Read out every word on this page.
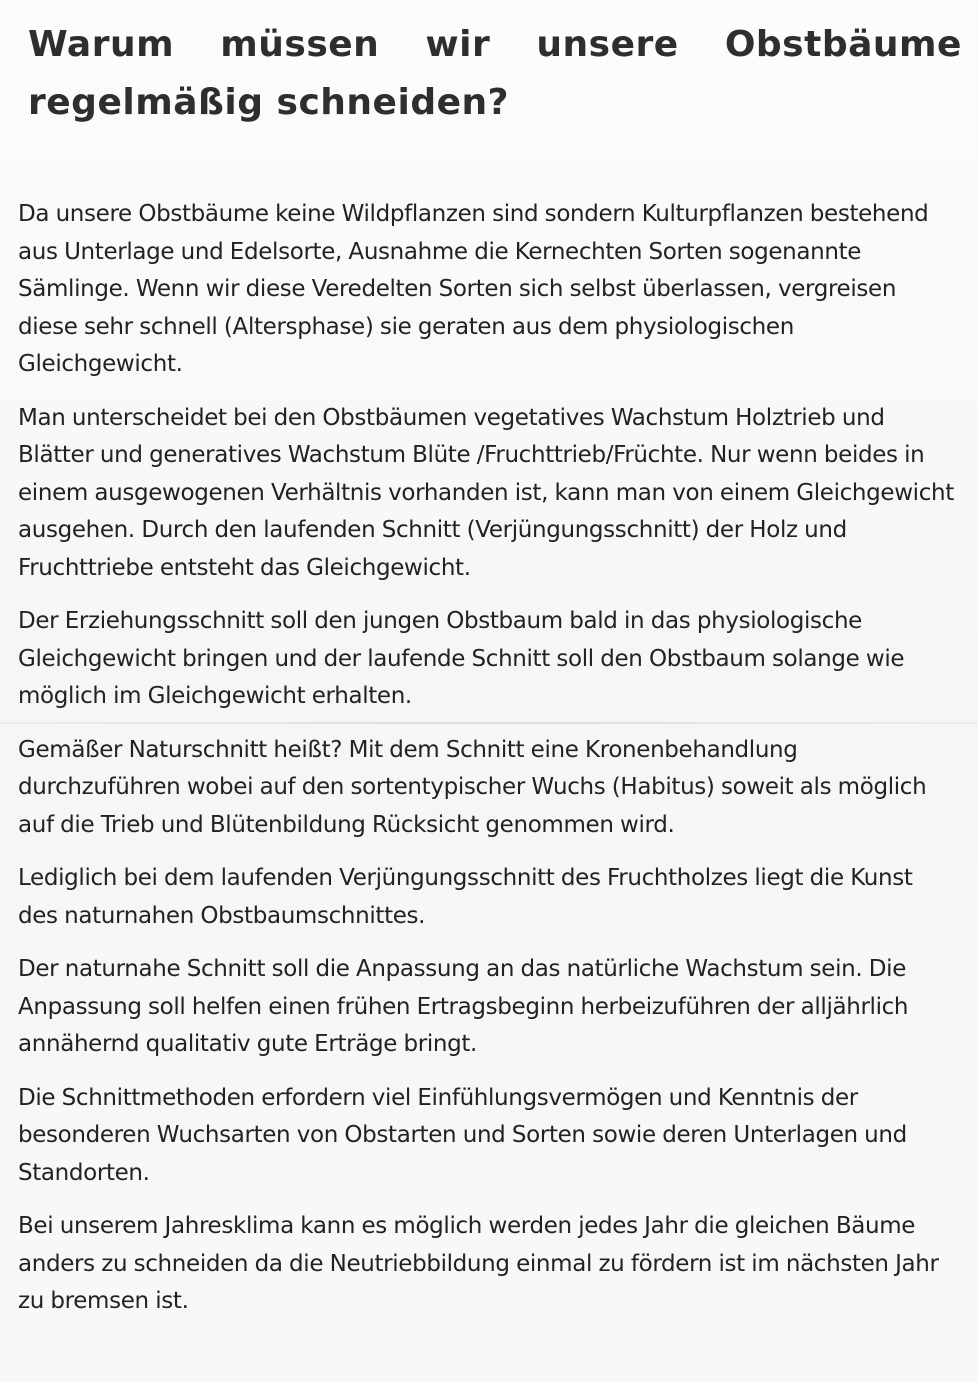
Warum müssen wir unsere Obstbäume
regelmäßig schneiden?

Da unsere Obstbäume keine Wildpflanzen sind sondern Kulturpflanzen bestehend aus Unterlage und Edelsorte, Ausnahme die Kernechten Sorten sogenannte Sämlinge. Wenn wir diese Veredelten Sorten sich selbst überlassen, vergreisen diese sehr schnell (Altersphase) sie geraten aus dem physiologischen Gleichgewicht.

Man unterscheidet bei den Obstbäumen vegetatives Wachstum Holztrieb und Blätter und generatives Wachstum Blüte /Fruchttrieb/Früchte. Nur wenn beides in einem ausgewogenen Verhältnis vorhanden ist, kann man von einem Gleichgewicht ausgehen. Durch den laufenden Schnitt (Verjüngungsschnitt) der Holz und Fruchttriebe entsteht das Gleichgewicht.

Der Erziehungsschnitt soll den jungen Obstbaum bald in das physiologische Gleichgewicht bringen und der laufende Schnitt soll den Obstbaum solange wie möglich im Gleichgewicht erhalten.

Gemäßer Naturschnitt heißt? Mit dem Schnitt eine Kronenbehandlung durchzuführen wobei auf den sortentypischer Wuchs (Habitus) soweit als möglich auf die Trieb und Blütenbildung Rücksicht genommen wird.

Lediglich bei dem laufenden Verjüngungsschnitt des Fruchtholzes liegt die Kunst des naturnahen Obstbaumschnittes.

Der naturnahe Schnitt soll die Anpassung an das natürliche Wachstum sein. Die Anpassung soll helfen einen frühen Ertragsbeginn herbeizuführen der alljährlich annähernd qualitativ gute Erträge bringt.

Die Schnittmethoden erfordern viel Einfühlungsvermögen und Kenntnis der besonderen Wuchsarten von Obstarten und Sorten sowie deren Unterlagen und Standorten.

Bei unserem Jahresklima kann es möglich werden jedes Jahr die gleichen Bäume anders zu schneiden da die Neutriebbildung einmal zu fördern ist im nächsten Jahr zu bremsen ist.
